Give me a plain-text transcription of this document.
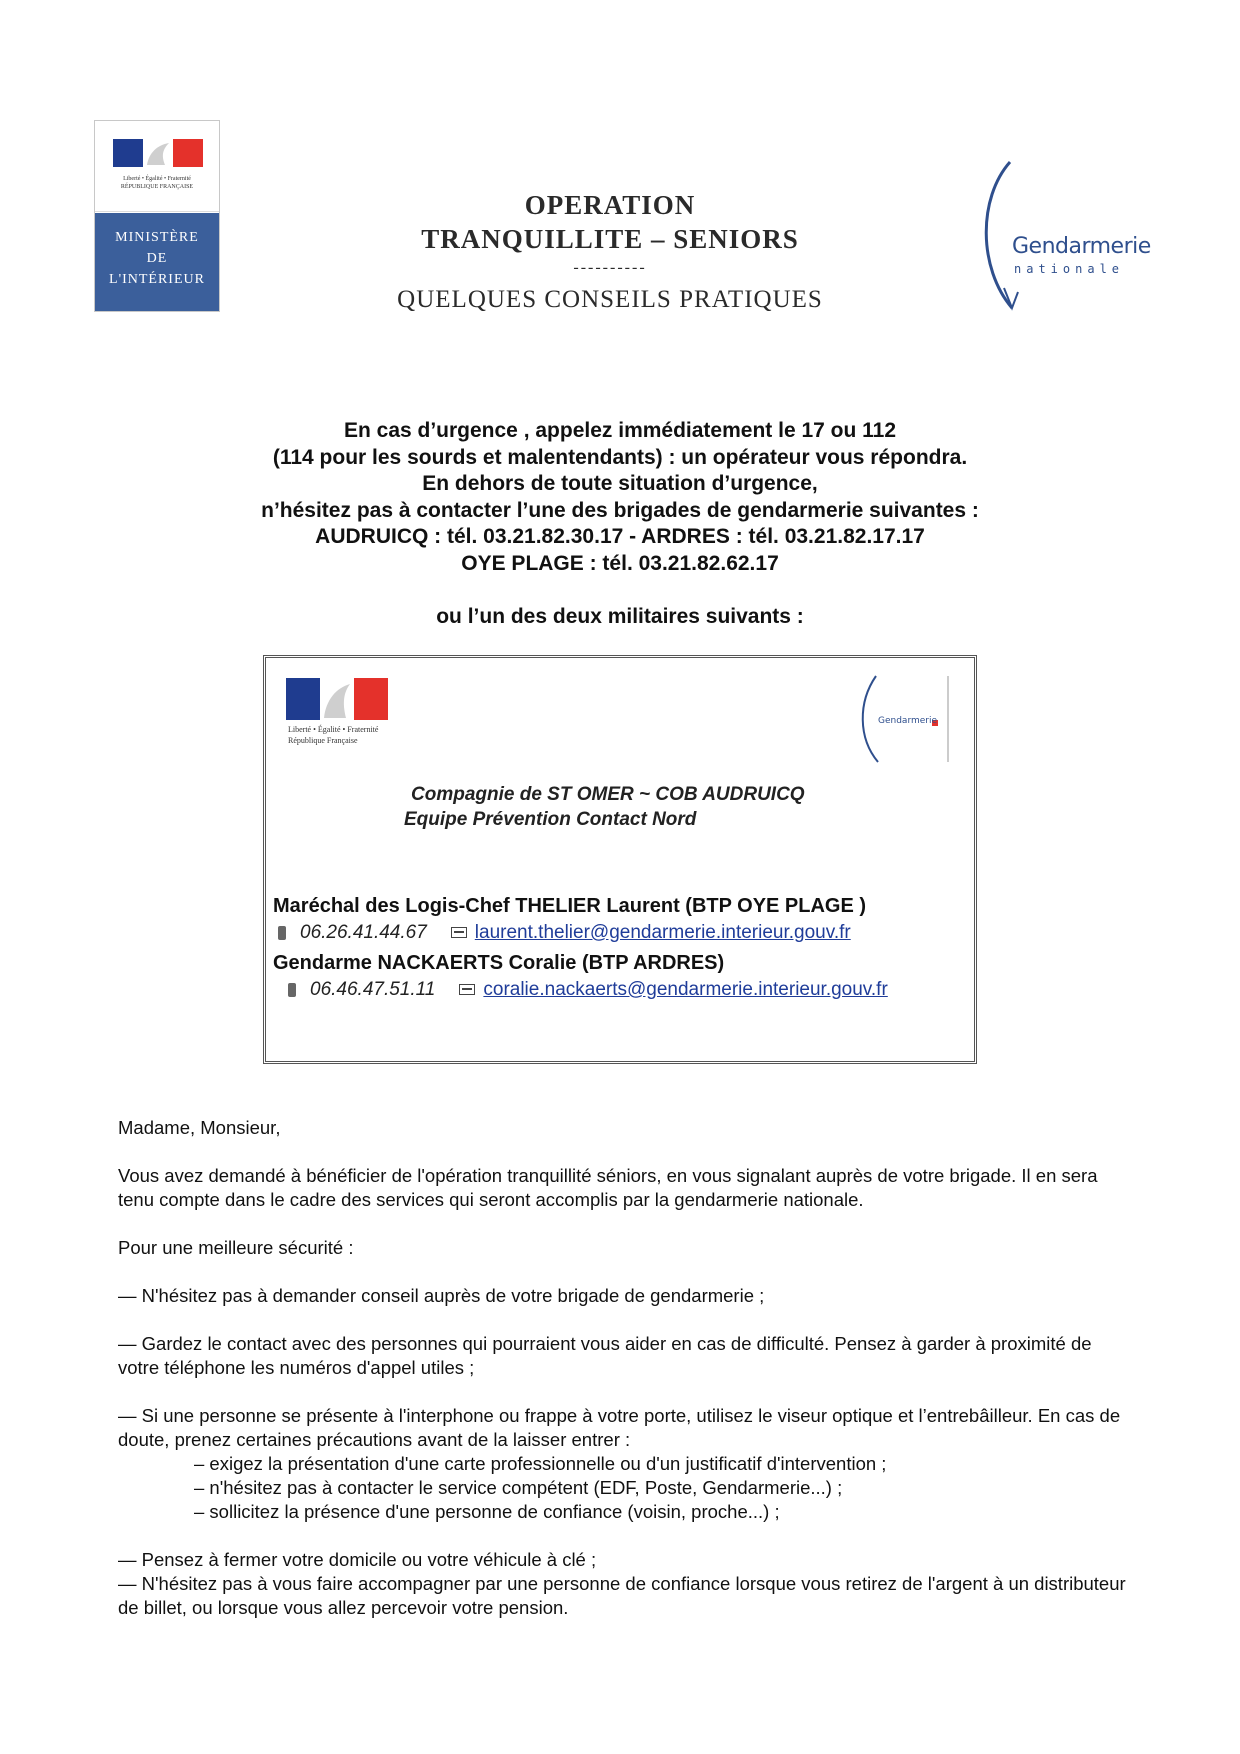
Liberté • Égalité • Fraternité
RÉPUBLIQUE FRANÇAISE
MINISTÈRE
DE
L'INTÉRIEUR
OPERATION
TRANQUILLITE – SENIORS
----------
QUELQUES CONSEILS PRATIQUES
Gendarmerie
nationale
En cas d’urgence , appelez immédiatement le 17 ou 112
(114 pour les sourds et malentendants) : un opérateur vous répondra.
En dehors de toute situation d’urgence,
n’hésitez pas à contacter l’une des brigades de gendarmerie suivantes :
AUDRUICQ : tél. 03.21.82.30.17 - ARDRES : tél. 03.21.82.17.17
OYE PLAGE : tél. 03.21.82.62.17
ou l’un des deux militaires suivants :
Liberté • Égalité • Fraternité
République Française
Gendarmerie
Compagnie de ST OMER ~ COB AUDRUICQ
Equipe Prévention Contact Nord
Maréchal des Logis-Chef THELIER Laurent (BTP OYE PLAGE )
06.26.41.44.67	laurent.thelier@gendarmerie.interieur.gouv.fr
Gendarme NACKAERTS Coralie (BTP ARDRES)
06.46.47.51.11	coralie.nackaerts@gendarmerie.interieur.gouv.fr

Madame, Monsieur,

Vous avez demandé à bénéficier de l'opération tranquillité séniors, en vous signalant auprès de votre brigade. Il en sera tenu compte dans le cadre des services qui seront accomplis par la gendarmerie nationale.

Pour une meilleure sécurité :

— N'hésitez pas à demander conseil auprès de votre brigade de gendarmerie ;

— Gardez le contact avec des personnes qui pourraient vous aider en cas de difficulté. Pensez à garder à proximité de votre téléphone les numéros d'appel utiles ;

— Si une personne se présente à l'interphone ou frappe à votre porte, utilisez le viseur optique et l’entrebâilleur. En cas de doute, prenez certaines précautions avant de la laisser entrer :

– exigez la présentation d'une carte professionnelle ou d'un justificatif d'intervention ;

– n'hésitez pas à contacter le service compétent (EDF, Poste, Gendarmerie...) ;

– sollicitez la présence d'une personne de confiance (voisin, proche...) ;

— Pensez à fermer votre domicile ou votre véhicule à clé ;

— N'hésitez pas à vous faire accompagner par une personne de confiance lorsque vous retirez de l'argent à un distributeur de billet, ou lorsque vous allez percevoir votre pension.
